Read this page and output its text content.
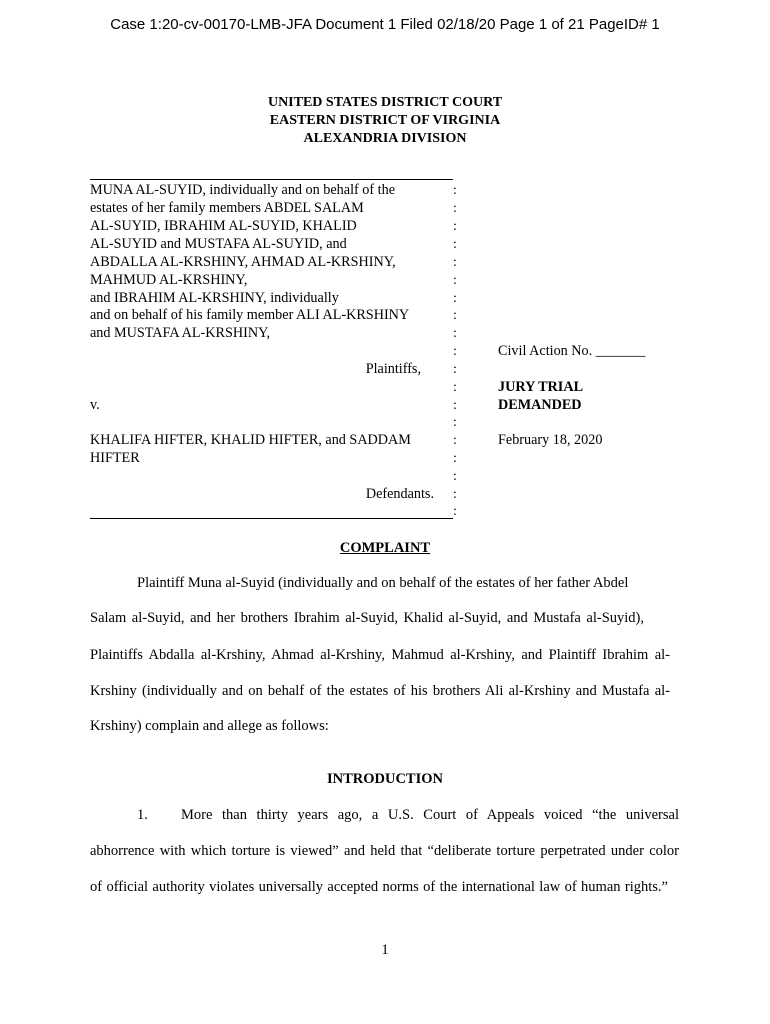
Case 1:20-cv-00170-LMB-JFA Document 1 Filed 02/18/20 Page 1 of 21 PageID# 1
UNITED STATES DISTRICT COURT
EASTERN DISTRICT OF VIRGINIA
ALEXANDRIA DIVISION
MUNA AL-SUYID, individually and on behalf of the
estates of her family members ABDEL SALAM
AL-SUYID, IBRAHIM AL-SUYID, KHALID
AL-SUYID and MUSTAFA AL-SUYID, and
ABDALLA AL-KRSHINY, AHMAD AL-KRSHINY,
MAHMUD AL-KRSHINY,
and IBRAHIM AL-KRSHINY, individually
and on behalf of his family member ALI AL-KRSHINY
and MUSTAFA AL-KRSHINY,
Plaintiffs,
v.
KHALIFA HIFTER, KHALID HIFTER, and SADDAM
HIFTER
Defendants.
:
:
:
:
:
:
:
:
:
:
:
:
:
:
:
:
:
:
:
Civil Action No. _______
JURY TRIAL
DEMANDED
February 18, 2020
COMPLAINT
Plaintiff Muna al-Suyid (individually and on behalf of the estates of her father Abdel
Salam al-Suyid, and her brothers Ibrahim al-Suyid, Khalid al-Suyid, and Mustafa al-Suyid),
Plaintiffs Abdalla al-Krshiny, Ahmad al-Krshiny, Mahmud al-Krshiny, and Plaintiff Ibrahim al-
Krshiny (individually and on behalf of the estates of his brothers Ali al-Krshiny and Mustafa al-
Krshiny) complain and allege as follows:
INTRODUCTION
1. More than thirty years ago, a U.S. Court of Appeals voiced “the universal
abhorrence with which torture is viewed” and held that “deliberate torture perpetrated under color
of official authority violates universally accepted norms of the international law of human rights.”
1
